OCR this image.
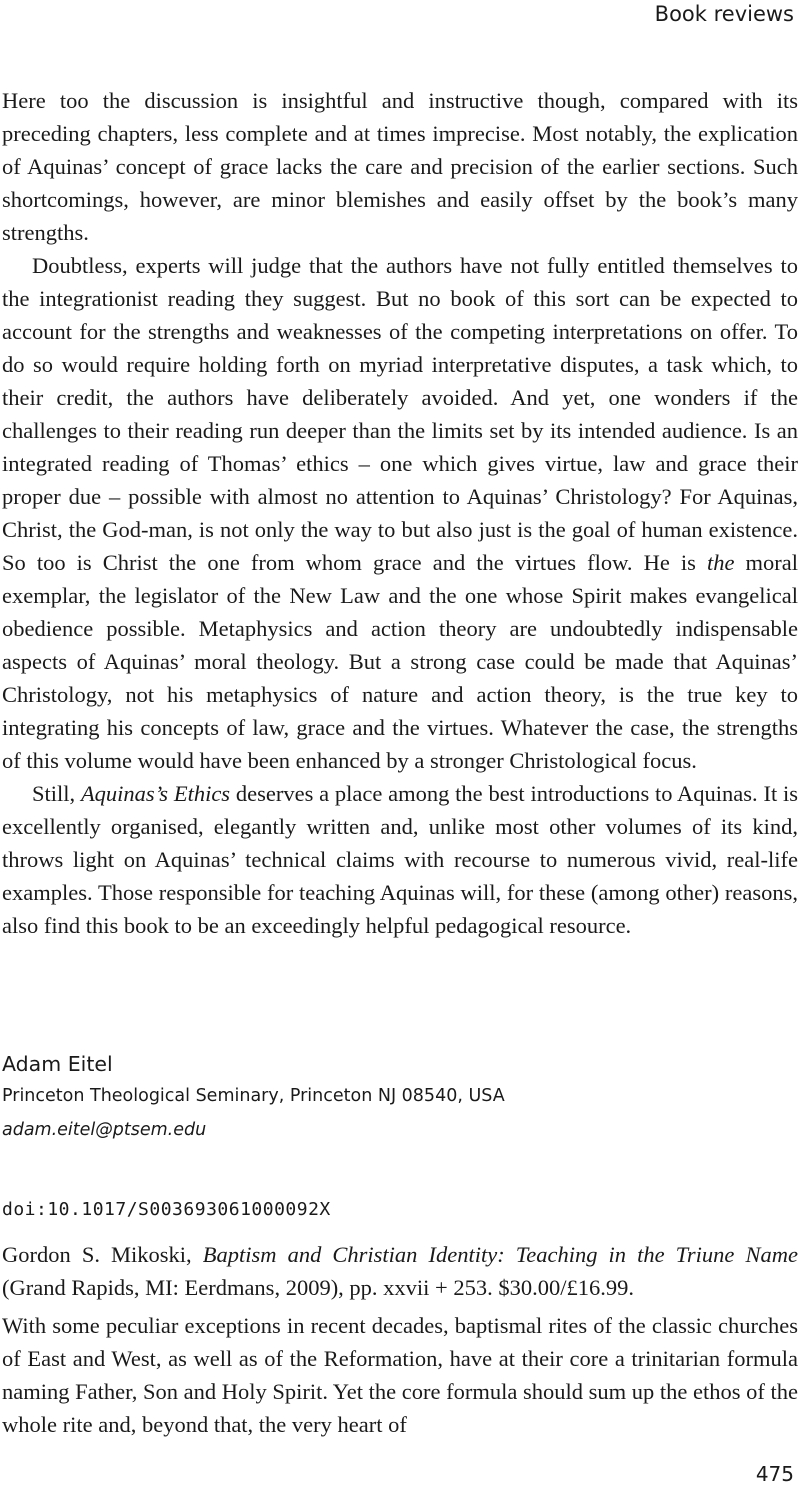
Book reviews

Here too the discussion is insightful and instructive though, compared with its preceding chapters, less complete and at times imprecise. Most notably, the explication of Aquinas’ concept of grace lacks the care and precision of the earlier sections. Such shortcomings, however, are minor blemishes and easily offset by the book’s many strengths.

Doubtless, experts will judge that the authors have not fully entitled themselves to the integrationist reading they suggest. But no book of this sort can be expected to account for the strengths and weaknesses of the competing interpretations on offer. To do so would require holding forth on myriad interpretative disputes, a task which, to their credit, the authors have deliberately avoided. And yet, one wonders if the challenges to their reading run deeper than the limits set by its intended audience. Is an integrated reading of Thomas’ ethics – one which gives virtue, law and grace their proper due – possible with almost no attention to Aquinas’ Christology? For Aquinas, Christ, the God-man, is not only the way to but also just is the goal of human existence. So too is Christ the one from whom grace and the virtues flow. He is the moral exemplar, the legislator of the New Law and the one whose Spirit makes evangelical obedience possible. Metaphysics and action theory are undoubtedly indispensable aspects of Aquinas’ moral theology. But a strong case could be made that Aquinas’ Christology, not his metaphysics of nature and action theory, is the true key to integrating his concepts of law, grace and the virtues. Whatever the case, the strengths of this volume would have been enhanced by a stronger Christological focus.

Still, Aquinas’s Ethics deserves a place among the best introductions to Aquinas. It is excellently organised, elegantly written and, unlike most other volumes of its kind, throws light on Aquinas’ technical claims with recourse to numerous vivid, real-life examples. Those responsible for teaching Aquinas will, for these (among other) reasons, also find this book to be an exceedingly helpful pedagogical resource.

Adam Eitel
Princeton Theological Seminary, Princeton NJ 08540, USA
adam.eitel@ptsem.edu
doi:10.1017/S003693061000092X

Gordon S. Mikoski, Baptism and Christian Identity: Teaching in the Triune Name (Grand Rapids, MI: Eerdmans, 2009), pp. xxvii + 253. $30.00/£16.99.

With some peculiar exceptions in recent decades, baptismal rites of the classic churches of East and West, as well as of the Reformation, have at their core a trinitarian formula naming Father, Son and Holy Spirit. Yet the core formula should sum up the ethos of the whole rite and, beyond that, the very heart of

475
